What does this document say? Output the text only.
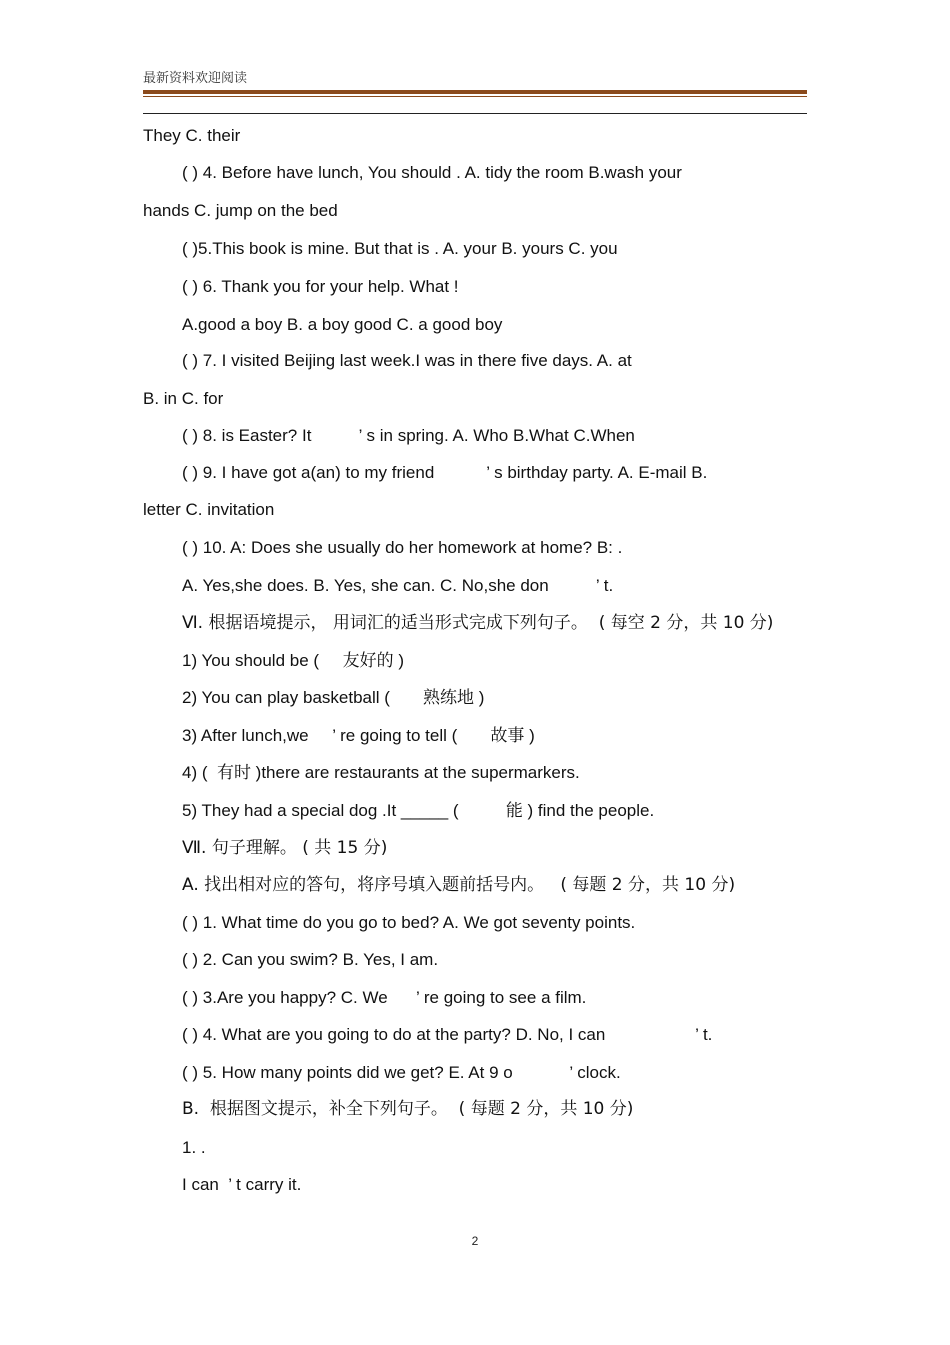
最新资料欢迎阅读
They C. their
( ) 4. Before have lunch, You should . A. tidy the room B.wash your
hands C. jump on the bed
( )5.This book is mine. But that is . A. your B. yours C. you
( ) 6. Thank you for your help. What !
A.good a boy B. a boy good C. a good boy
( ) 7. I visited Beijing last week.I was in there five days. A. at
B. in C. for
( ) 8. is Easter? It          ’ s in spring. A. Who B.What C.When
( ) 9. I have got a(an) to my friend           ’ s birthday party. A. E-mail B.
letter C. invitation
( ) 10. A: Does she usually do her homework at home? B: .
A. Yes,she does. B. Yes, she can. C. No,she don          ’ t.
Ⅵ. 根据语境提示， 用词汇的适当形式完成下列句子。  ( 每空 2 分，共 10 分)
1) You should be (     友好的 )
2) You can play basketball (       熟练地 )
3) After lunch,we     ’ re going to tell (       故事 )
4) (  有时 )there are restaurants at the supermarkers.
5) They had a special dog .It _____ (          能 ) find the people.
Ⅶ. 句子理解。 ( 共 15 分)
A. 找出相对应的答句，将序号填入题前括号内。   ( 每题 2 分，共 10 分)
( ) 1. What time do you go to bed? A. We got seventy points.
( ) 2. Can you swim? B. Yes, I am.
( ) 3.Are you happy? C. We      ’ re going to see a film.
( ) 4. What are you going to do at the party? D. No, I can                   ’ t.
( ) 5. How many points did we get? E. At 9 o            ’ clock.
B.  根据图文提示，补全下列句子。  ( 每题 2 分，共 10 分)
1. .
I can  ’ t carry it.
2
